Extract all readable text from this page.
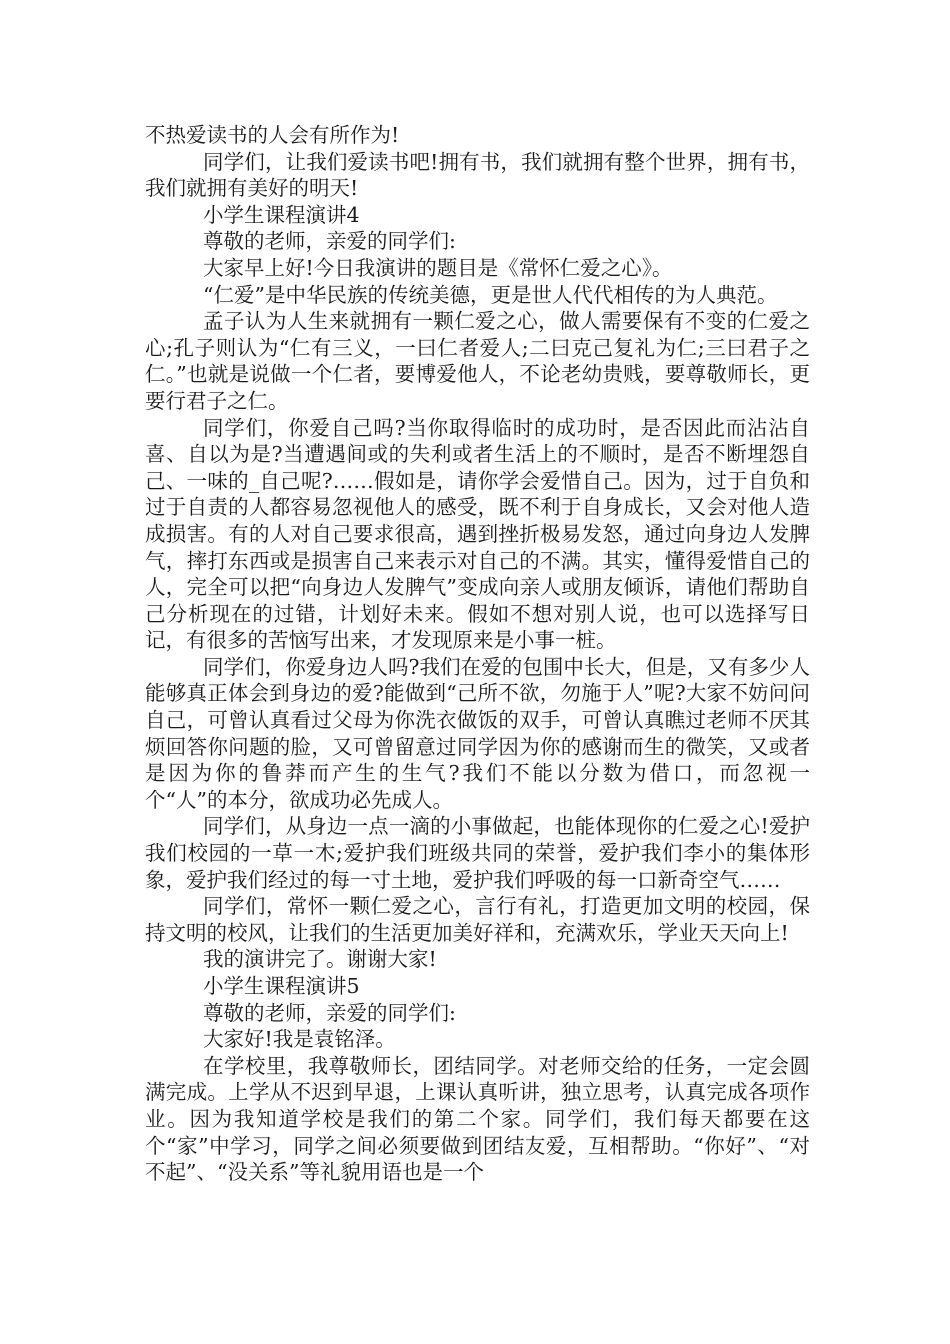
不热爱读书的人会有所作为!

同学们，让我们爱读书吧!拥有书，我们就拥有整个世界，拥有书，我们就拥有美好的明天!

小学生课程演讲4

尊敬的老师，亲爱的同学们:

大家早上好!今日我演讲的题目是《常怀仁爱之心》。

“仁爱”是中华民族的传统美德，更是世人代代相传的为人典范。

孟子认为人生来就拥有一颗仁爱之心，做人需要保有不变的仁爱之心;孔子则认为“仁有三义，一曰仁者爱人;二曰克己复礼为仁;三曰君子之仁。”也就是说做一个仁者，要博爱他人，不论老幼贵贱，要尊敬师长，更要行君子之仁。

同学们，你爱自己吗?当你取得临时的成功时，是否因此而沾沾自喜、自以为是?当遭遇间或的失利或者生活上的不顺时，是否不断埋怨自己、一味的_自己呢?……假如是，请你学会爱惜自己。因为，过于自负和过于自责的人都容易忽视他人的感受，既不利于自身成长，又会对他人造成损害。有的人对自己要求很高，遇到挫折极易发怒，通过向身边人发脾气，摔打东西或是损害自己来表示对自己的不满。其实，懂得爱惜自己的人，完全可以把“向身边人发脾气”变成向亲人或朋友倾诉，请他们帮助自己分析现在的过错，计划好未来。假如不想对别人说，也可以选择写日记，有很多的苦恼写出来，才发现原来是小事一桩。

同学们，你爱身边人吗?我们在爱的包围中长大，但是，又有多少人能够真正体会到身边的爱?能做到“己所不欲，勿施于人”呢?大家不妨问问自己，可曾认真看过父母为你洗衣做饭的双手，可曾认真瞧过老师不厌其烦回答你问题的脸，又可曾留意过同学因为你的感谢而生的微笑，又或者是因为你的鲁莽而产生的生气?我们不能以分数为借口，而忽视一个“人”的本分，欲成功必先成人。

同学们，从身边一点一滴的小事做起，也能体现你的仁爱之心!爱护我们校园的一草一木;爱护我们班级共同的荣誉，爱护我们李小的集体形象，爱护我们经过的每一寸土地，爱护我们呼吸的每一口新奇空气……

同学们，常怀一颗仁爱之心，言行有礼，打造更加文明的校园，保持文明的校风，让我们的生活更加美好祥和，充满欢乐，学业天天向上!

我的演讲完了。谢谢大家!

小学生课程演讲5

尊敬的老师，亲爱的同学们:

大家好!我是袁铭泽。

在学校里，我尊敬师长，团结同学。对老师交给的任务，一定会圆满完成。上学从不迟到早退，上课认真听讲，独立思考，认真完成各项作业。因为我知道学校是我们的第二个家。同学们，我们每天都要在这个“家”中学习，同学之间必须要做到团结友爱，互相帮助。“你好”、“对不起”、“没关系”等礼貌用语也是一个
